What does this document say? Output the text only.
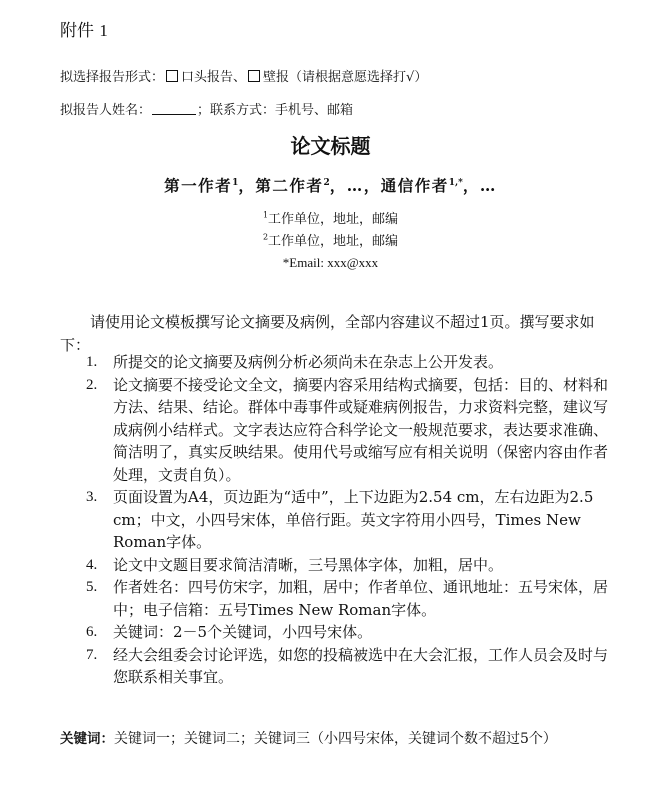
附件 1
拟选择报告形式： 口头报告、 壁报（请根据意愿选择打√）
拟报告人姓名：	；联系方式：手机号、邮箱
论文标题
第一作者$^1$，第二作者$^2$，…，通信作者$^{1,*}$，…
$^1$工作单位，地址，邮编
$^2$工作单位，地址，邮编
*Email: xxx@xxx
请使用论文模板撰写论文摘要及病例，全部内容建议不超过1页。撰写要求如下：
1. 所提交的论文摘要及病例分析必须尚未在杂志上公开发表。
2. 论文摘要不接受论文全文，摘要内容采用结构式摘要，包括：目的、材料和方法、结果、结论。群体中毒事件或疑难病例报告，力求资料完整，建议写成病例小结样式。文字表达应符合科学论文一般规范要求，表达要求准确、简洁明了，真实反映结果。使用代号或缩写应有相关说明（保密内容由作者处理，文责自负）。
3. 页面设置为A4，页边距为“适中”，上下边距为2.54 cm，左右边距为2.5 cm；中文，小四号宋体，单倍行距。英文字符用小四号，Times New Roman字体。
4. 论文中文题目要求简洁清晰，三号黑体字体，加粗，居中。
5. 作者姓名：四号仿宋字，加粗，居中；作者单位、通讯地址：五号宋体，居中；电子信箱：五号Times New Roman字体。
6. 关键词：2－5个关键词，小四号宋体。
7. 经大会组委会讨论评选，如您的投稿被选中在大会汇报，工作人员会及时与您联系相关事宜。
关键词：关键词一；关键词二；关键词三（小四号宋体，关键词个数不超过5个）
